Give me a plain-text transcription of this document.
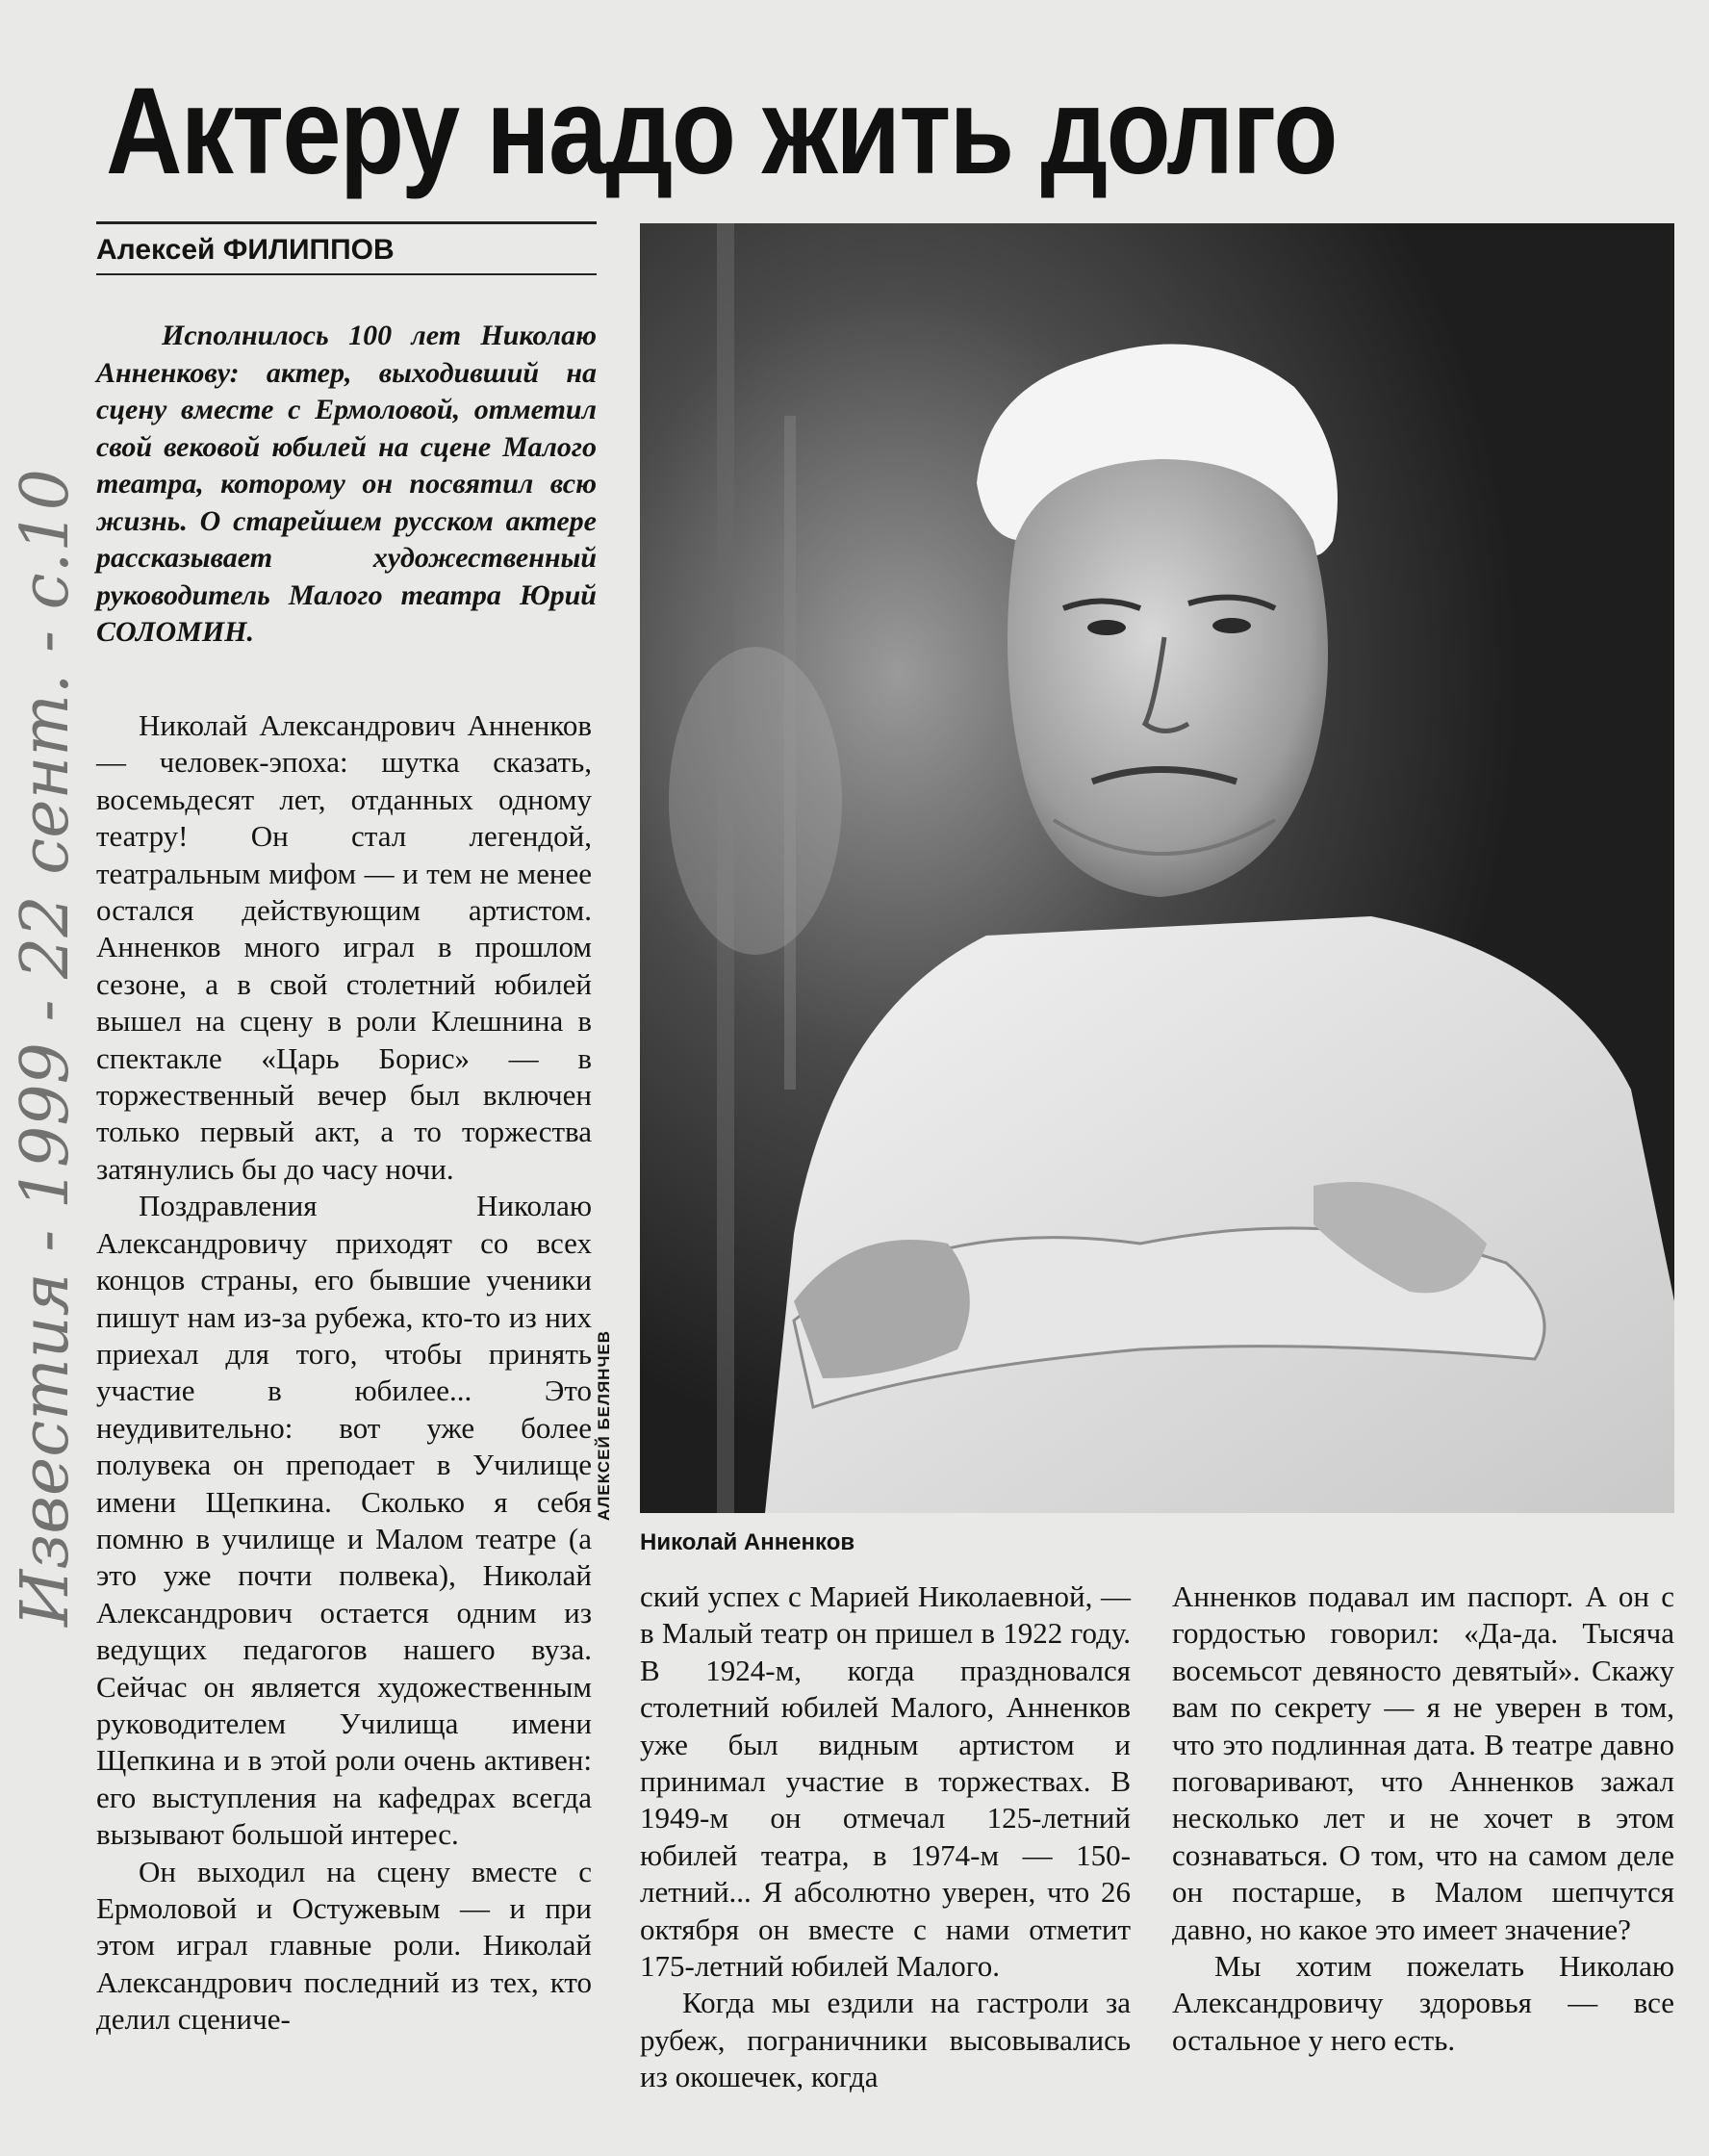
Актеру надо жить долго
Алексей ФИЛИППОВ

Исполнилось 100 лет Николаю Анненкову: актер, выходивший на сцену вместе с Ермоловой, отметил свой вековой юбилей на сцене Малого театра, которому он посвятил всю жизнь. О старейшем русском актере рассказывает художественный руководитель Малого театра Юрий СОЛОМИН.

Николай Александрович Анненков — человек-эпоха: шутка сказать, восемьдесят лет, отданных одному театру! Он стал легендой, театральным мифом — и тем не менее остался действующим артистом. Анненков много играл в прошлом сезоне, а в свой столетний юбилей вышел на сцену в роли Клешнина в спектакле «Царь Борис» — в торжественный вечер был включен только первый акт, а то торжества затянулись бы до часу ночи.

Поздравления Николаю Александровичу приходят со всех концов страны, его бывшие ученики пишут нам из-за рубежа, кто-то из них приехал для того, чтобы принять участие в юбилее... Это неудивительно: вот уже более полувека он преподает в Училище имени Щепкина. Сколько я себя помню в училище и Малом театре (а это уже почти полвека), Николай Александрович остается одним из ведущих педагогов нашего вуза. Сейчас он является художественным руководителем Училища имени Щепкина и в этой роли очень активен: его выступления на кафедрах всегда вызывают большой интерес.

Он выходил на сцену вместе с Ермоловой и Остужевым — и при этом играл главные роли. Николай Александрович последний из тех, кто делил сцениче-

АЛЕКСЕЙ БЕЛЯНЧЕВ
Николай Анненков

ский успех с Марией Николаевной, — в Малый театр он пришел в 1922 году. В 1924-м, когда праздновался столетний юбилей Малого, Анненков уже был видным артистом и принимал участие в торжествах. В 1949-м он отмечал 125-летний юбилей театра, в 1974-м — 150-летний... Я абсолютно уверен, что 26 октября он вместе с нами отметит 175-летний юбилей Малого.

Когда мы ездили на гастроли за рубеж, пограничники высовывались из окошечек, когда

Анненков подавал им паспорт. А он с гордостью говорил: «Да-да. Тысяча восемьсот девяносто девятый». Скажу вам по секрету — я не уверен в том, что это подлинная дата. В театре давно поговаривают, что Анненков зажал несколько лет и не хочет в этом сознаваться. О том, что на самом деле он постарше, в Малом шепчутся давно, но какое это имеет значение?

Мы хотим пожелать Николаю Александровичу здоровья — все остальное у него есть.

Известия - 1999 - 22 сент. - с.10
